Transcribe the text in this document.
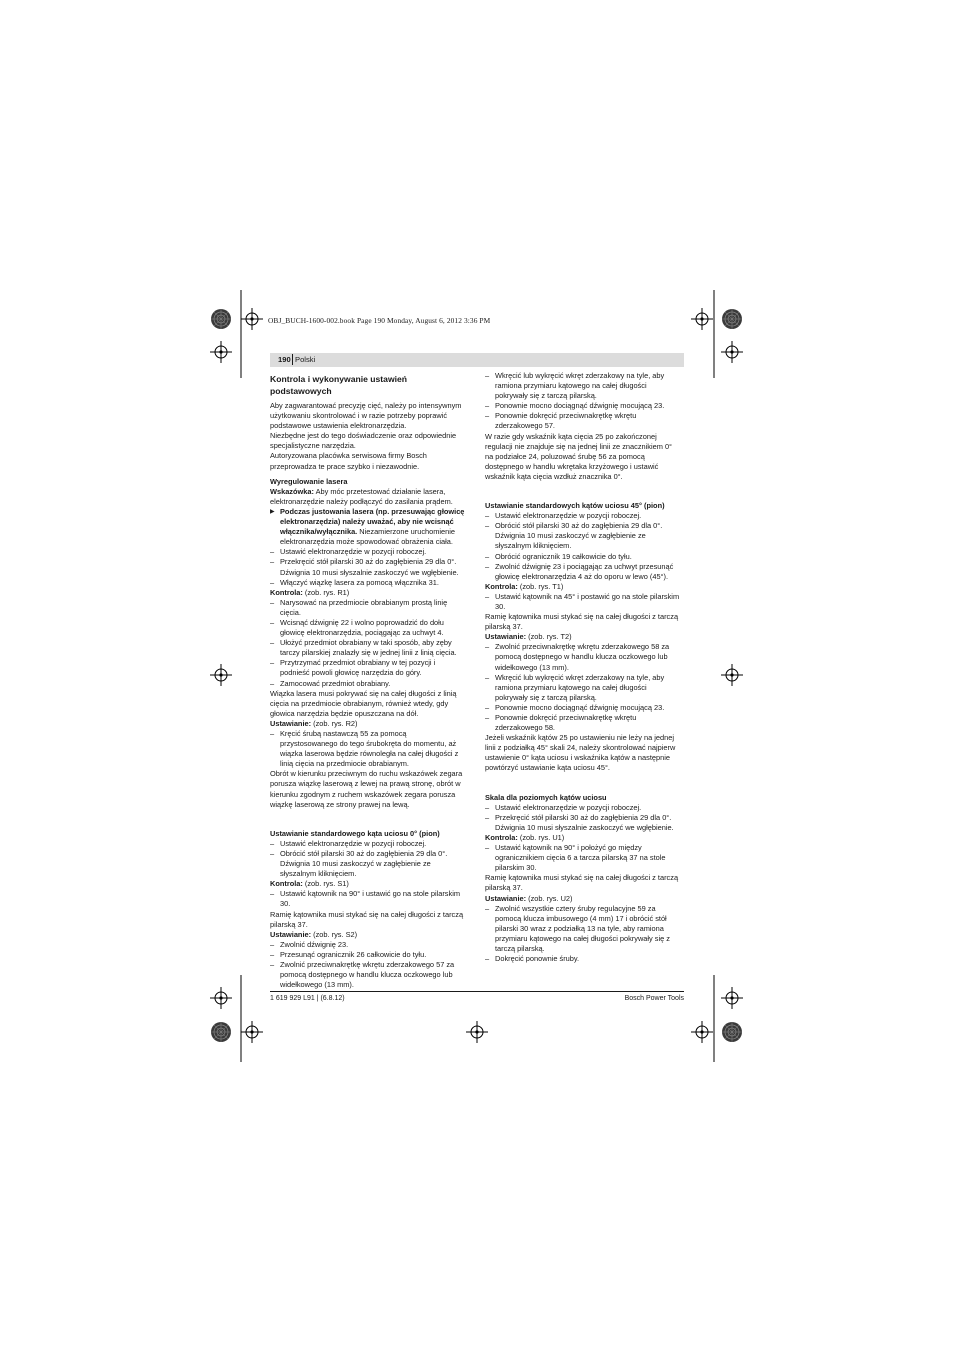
OBJ_BUCH-1600-002.book Page 190 Monday, August 6, 2012 3:36 PM
190 Polski

Kontrola i wykonywanie ustawień podstawowych

Aby zagwarantować precyzję cięć, należy po intensywnym użytkowaniu skontrolować i w razie potrzeby poprawić podstawowe ustawienia elektronarzędzia.

Niezbędne jest do tego doświadczenie oraz odpowiednie specjalistyczne narzędzia.

Autoryzowana placówka serwisowa firmy Bosch przeprowadza te prace szybko i niezawodnie.

Wyregulowanie lasera

Wskazówka: Aby móc przetestować działanie lasera, elektronarzędzie należy podłączyć do zasilania prądem.

▶ Podczas justowania lasera (np. przesuwając głowicę elektronarzędzia) należy uważać, aby nie wcisnąć włącznika/wyłącznika. Niezamierzone uruchomienie elektronarzędzia może spowodować obrażenia ciała.

– Ustawić elektronarzędzie w pozycji roboczej.

– Przekręcić stół pilarski 30 aż do zagłębienia 29 dla 0°. Dźwignia 10 musi słyszalnie zaskoczyć we wgłębienie.

– Włączyć wiązkę lasera za pomocą włącznika 31.

Kontrola: (zob. rys. R1)

– Narysować na przedmiocie obrabianym prostą linię cięcia.

– Wcisnąć dźwignię 22 i wolno poprowadzić do dołu głowicę elektronarzędzia, pociągając za uchwyt 4.

– Ułożyć przedmiot obrabiany w taki sposób, aby zęby tarczy pilarskiej znalazły się w jednej linii z linią cięcia.

– Przytrzymać przedmiot obrabiany w tej pozycji i podnieść powoli głowicę narzędzia do góry.

– Zamocować przedmiot obrabiany.

Wiązka lasera musi pokrywać się na całej długości z linią cięcia na przedmiocie obrabianym, również wtedy, gdy głowica narzędzia będzie opuszczana na dół.

Ustawianie: (zob. rys. R2)

– Kręcić śrubą nastawczą 55 za pomocą przystosowanego do tego śrubokręta do momentu, aż wiązka laserowa będzie równoległa na całej długości z linią cięcia na przedmiocie obrabianym.

Obrót w kierunku przeciwnym do ruchu wskazówek zegara porusza wiązkę laserową z lewej na prawą stronę, obrót w kierunku zgodnym z ruchem wskazówek zegara porusza wiązkę laserową ze strony prawej na lewą.

Ustawianie standardowego kąta uciosu 0° (pion)

– Ustawić elektronarzędzie w pozycji roboczej.

– Obrócić stół pilarski 30 aż do zagłębienia 29 dla 0°. Dźwignia 10 musi zaskoczyć w zagłębienie ze słyszalnym kliknięciem.

Kontrola: (zob. rys. S1)

– Ustawić kątownik na 90° i ustawić go na stole pilarskim 30.

Ramię kątownika musi stykać się na całej długości z tarczą pilarską 37.

Ustawianie: (zob. rys. S2)

– Zwolnić dźwignię 23.

– Przesunąć ogranicznik 26 całkowicie do tyłu.

– Zwolnić przeciwnakrętkę wkrętu zderzakowego 57 za pomocą dostępnego w handlu klucza oczkowego lub widełkowego (13 mm).

– Wkręcić lub wykręcić wkręt zderzakowy na tyle, aby ramiona przymiaru kątowego na całej długości pokrywały się z tarczą pilarską.

– Ponownie mocno dociągnąć dźwignię mocującą 23.

– Ponownie dokręcić przeciwnakrętkę wkrętu zderzakowego 57.

W razie gdy wskaźnik kąta cięcia 25 po zakończonej regulacji nie znajduje się na jednej linii ze znacznikiem 0° na podziałce 24, poluzować śrubę 56 za pomocą dostępnego w handlu wkrętaka krzyżowego i ustawić wskaźnik kąta cięcia wzdłuż znacznika 0°.

Ustawianie standardowych kątów uciosu 45° (pion)

– Ustawić elektronarzędzie w pozycji roboczej.

– Obrócić stół pilarski 30 aż do zagłębienia 29 dla 0°. Dźwignia 10 musi zaskoczyć w zagłębienie ze słyszalnym kliknięciem.

– Obrócić ogranicznik 19 całkowicie do tyłu.

– Zwolnić dźwignię 23 i pociągając za uchwyt przesunąć głowicę elektronarzędzia 4 aż do oporu w lewo (45°).

Kontrola: (zob. rys. T1)

– Ustawić kątownik na 45° i postawić go na stole pilarskim 30.

Ramię kątownika musi stykać się na całej długości z tarczą pilarską 37.

Ustawianie: (zob. rys. T2)

– Zwolnić przeciwnakrętkę wkrętu zderzakowego 58 za pomocą dostępnego w handlu klucza oczkowego lub widełkowego (13 mm).

– Wkręcić lub wykręcić wkręt zderzakowy na tyle, aby ramiona przymiaru kątowego na całej długości pokrywały się z tarczą pilarską.

– Ponownie mocno dociągnąć dźwignię mocującą 23.

– Ponownie dokręcić przeciwnakrętkę wkrętu zderzakowego 58.

Jeżeli wskaźnik kątów 25 po ustawieniu nie leży na jednej linii z podziałką 45° skali 24, należy skontrolować najpierw ustawienie 0° kąta uciosu i wskaźnika kątów a następnie powtórzyć ustawianie kąta uciosu 45°.

Skala dla poziomych kątów uciosu

– Ustawić elektronarzędzie w pozycji roboczej.

– Przekręcić stół pilarski 30 aż do zagłębienia 29 dla 0°. Dźwignia 10 musi słyszalnie zaskoczyć we wgłębienie.

Kontrola: (zob. rys. U1)

– Ustawić kątownik na 90° i położyć go między ogranicznikiem cięcia 6 a tarcza pilarską 37 na stole pilarskim 30.

Ramię kątownika musi stykać się na całej długości z tarczą pilarską 37.

Ustawianie: (zob. rys. U2)

– Zwolnić wszystkie cztery śruby regulacyjne 59 za pomocą klucza imbusowego (4 mm) 17 i obrócić stół pilarski 30 wraz z podziałką 13 na tyle, aby ramiona przymiaru kątowego na całej długości pokrywały się z tarczą pilarską.

– Dokręcić ponownie śruby.

1 619 929 L91 | (6.8.12)	Bosch Power Tools
